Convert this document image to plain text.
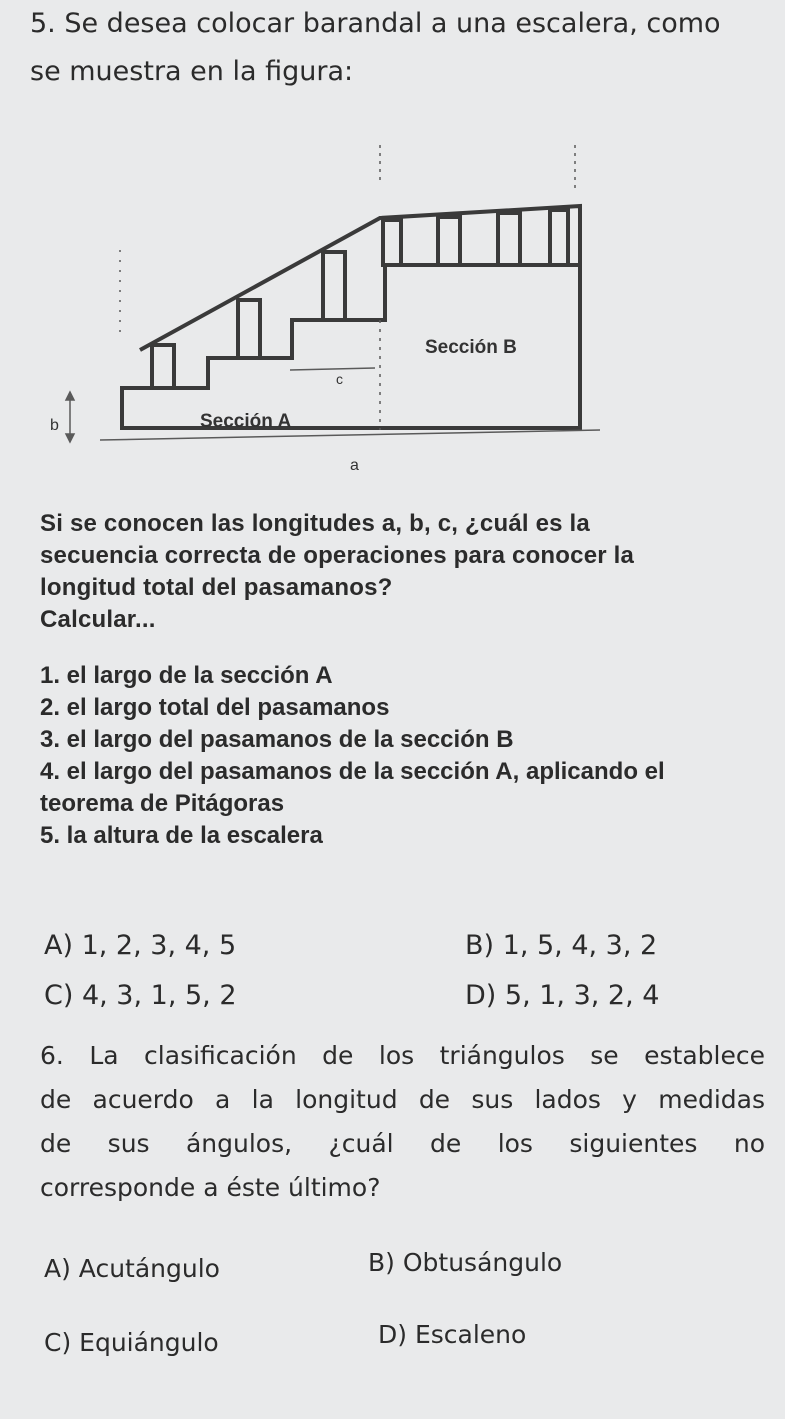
5. Se desea colocar barandal a una escalera, como
se muestra en la figura:
Sección B
Sección A
a
b
c
Si se conocen las longitudes a, b, c, ¿cuál es la
secuencia correcta de operaciones para conocer la
longitud total del pasamanos?
Calcular...
1. el largo de la sección A
2. el largo total del pasamanos
3. el largo del pasamanos de la sección B
4. el largo del pasamanos de la sección A, aplicando el
teorema de Pitágoras
5. la altura de la escalera
A) 1, 2, 3, 4, 5	B) 1, 5, 4, 3, 2
C) 4, 3, 1, 5, 2	D) 5, 1, 3, 2, 4
6. La clasificación de los triángulos se establece
de acuerdo a la longitud de sus lados y medidas
de sus ángulos, ¿cuál de los siguientes no
corresponde a éste último?
A) Acutángulo	B) Obtusángulo
C) Equiángulo	D) Escaleno
